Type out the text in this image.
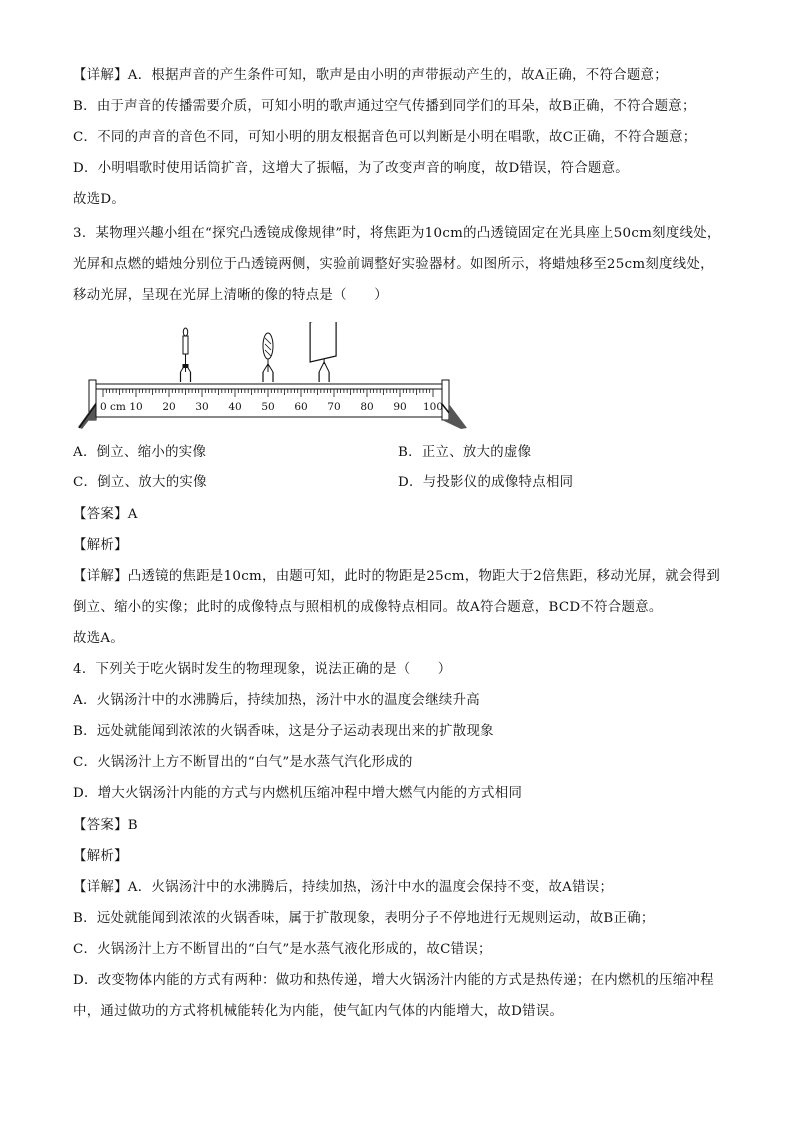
【详解】A．根据声音的产生条件可知，歌声是由小明的声带振动产生的，故A正确，不符合题意；
B．由于声音的传播需要介质，可知小明的歌声通过空气传播到同学们的耳朵，故B正确，不符合题意；
C．不同的声音的音色不同，可知小明的朋友根据音色可以判断是小明在唱歌，故C正确，不符合题意；
D．小明唱歌时使用话筒扩音，这增大了振幅，为了改变声音的响度，故D错误，符合题意。
故选D。
3．某物理兴趣小组在“探究凸透镜成像规律”时，将焦距为10cm的凸透镜固定在光具座上50cm刻度线处，
光屏和点燃的蜡烛分别位于凸透镜两侧，实验前调整好实验器材。如图所示，将蜡烛移至25cm刻度线处，
移动光屏，呈现在光屏上清晰的像的特点是（　　）
0 cm 10 20 30 40 50 60 70 80 90 100
A．倒立、缩小的实像	B．正立、放大的虚像
C．倒立、放大的实像	D．与投影仪的成像特点相同
【答案】A
【解析】
【详解】凸透镜的焦距是10cm，由题可知，此时的物距是25cm，物距大于2倍焦距，移动光屏，就会得到
倒立、缩小的实像；此时的成像特点与照相机的成像特点相同。故A符合题意，BCD不符合题意。
故选A。
4．下列关于吃火锅时发生的物理现象，说法正确的是（　　）
A．火锅汤汁中的水沸腾后，持续加热，汤汁中水的温度会继续升高
B．远处就能闻到浓浓的火锅香味，这是分子运动表现出来的扩散现象
C．火锅汤汁上方不断冒出的“白气”是水蒸气汽化形成的
D．增大火锅汤汁内能的方式与内燃机压缩冲程中增大燃气内能的方式相同
【答案】B
【解析】
【详解】A．火锅汤汁中的水沸腾后，持续加热，汤汁中水的温度会保持不变，故A错误；
B．远处就能闻到浓浓的火锅香味，属于扩散现象，表明分子不停地进行无规则运动，故B正确；
C．火锅汤汁上方不断冒出的“白气”是水蒸气液化形成的，故C错误；
D．改变物体内能的方式有两种：做功和热传递，增大火锅汤汁内能的方式是热传递；在内燃机的压缩冲程
中，通过做功的方式将机械能转化为内能，使气缸内气体的内能增大，故D错误。
